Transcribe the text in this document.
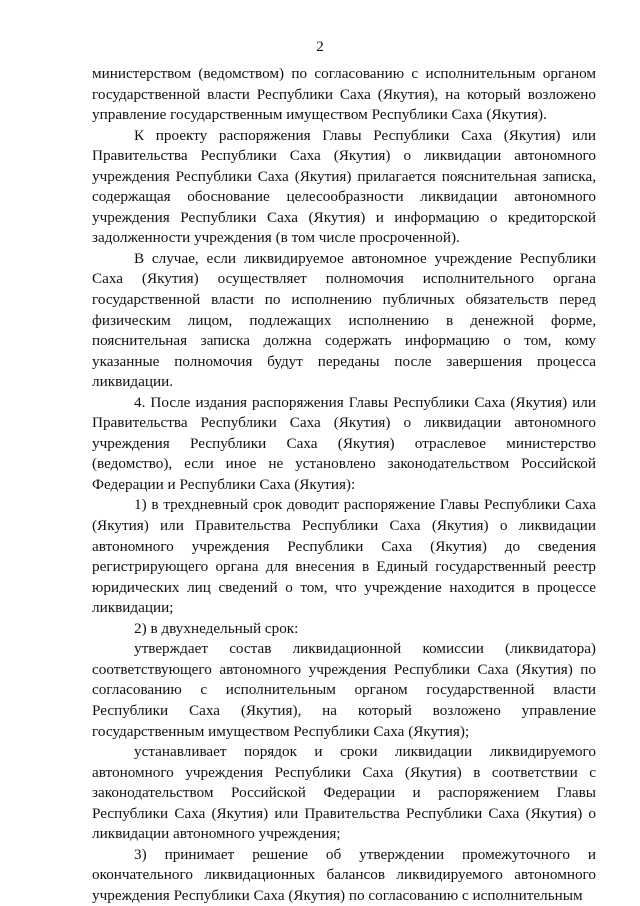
2

министерством (ведомством) по согласованию с исполнительным органом государственной власти Республики Саха (Якутия), на который возложено управление государственным имуществом Республики Саха (Якутия).

К проекту распоряжения Главы Республики Саха (Якутия) или Правительства Республики Саха (Якутия) о ликвидации автономного учреждения Республики Саха (Якутия) прилагается пояснительная записка, содержащая обоснование целесообразности ликвидации автономного учреждения Республики Саха (Якутия) и информацию о кредиторской задолженности учреждения (в том числе просроченной).

В случае, если ликвидируемое автономное учреждение Республики Саха (Якутия) осуществляет полномочия исполнительного органа государственной власти по исполнению публичных обязательств перед физическим лицом, подлежащих исполнению в денежной форме, пояснительная записка должна содержать информацию о том, кому указанные полномочия будут переданы после завершения процесса ликвидации.

4. После издания распоряжения Главы Республики Саха (Якутия) или Правительства Республики Саха (Якутия) о ликвидации автономного учреждения Республики Саха (Якутия) отраслевое министерство (ведомство), если иное не установлено законодательством Российской Федерации и Республики Саха (Якутия):

1) в трехдневный срок доводит распоряжение Главы Республики Саха (Якутия) или Правительства Республики Саха (Якутия) о ликвидации автономного учреждения Республики Саха (Якутия) до сведения регистрирующего органа для внесения в Единый государственный реестр юридических лиц сведений о том, что учреждение находится в процессе ликвидации;

2) в двухнедельный срок:

утверждает состав ликвидационной комиссии (ликвидатора) соответствующего автономного учреждения Республики Саха (Якутия) по согласованию с исполнительным органом государственной власти Республики Саха (Якутия), на который возложено управление государственным имуществом Республики Саха (Якутия);

устанавливает порядок и сроки ликвидации ликвидируемого автономного учреждения Республики Саха (Якутия) в соответствии с законодательством Российской Федерации и распоряжением Главы Республики Саха (Якутия) или Правительства Республики Саха (Якутия) о ликвидации автономного учреждения;

3) принимает решение об утверждении промежуточного и окончательного ликвидационных балансов ликвидируемого автономного учреждения Республики Саха (Якутия) по согласованию с исполнительным
